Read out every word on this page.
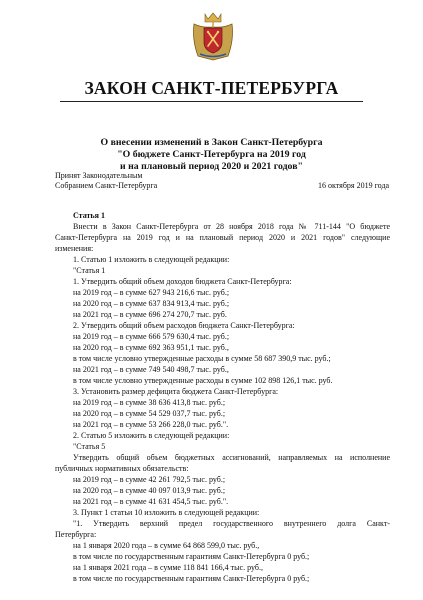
ЗАКОН САНКТ-ПЕТЕРБУРГА
О внесении изменений в Закон Санкт-Петербурга
"О бюджете Санкт-Петербурга на 2019 год
и на плановый период 2020 и 2021 годов"
Принят Законодательным
Собранием Санкт-Петербурга	16 октября 2019 года
Статья 1
Внести в Закон Санкт-Петербурга от 28 ноября 2018 года № 711-144 "О бюджете
Санкт-Петербурга на 2019 год и на плановый период 2020 и 2021 годов" следующие
изменения:
1. Статью 1 изложить в следующей редакции:
"Статья 1
1. Утвердить общий объем доходов бюджета Санкт-Петербурга:
на 2019 год – в сумме 627 943 216,6 тыс. руб.;
на 2020 год – в сумме 637 834 913,4 тыс. руб.;
на 2021 год – в сумме 696 274 270,7 тыс. руб.
2. Утвердить общий объем расходов бюджета Санкт-Петербурга:
на 2019 год – в сумме 666 579 630,4 тыс. руб.;
на 2020 год – в сумме 692 363 951,1 тыс. руб.,
в том числе условно утвержденные расходы в сумме 58 687 390,9 тыс. руб.;
на 2021 год – в сумме 749 540 498,7 тыс. руб.,
в том числе условно утвержденные расходы в сумме 102 898 126,1 тыс. руб.
3. Установить размер дефицита бюджета Санкт-Петербурга:
на 2019 год – в сумме 38 636 413,8 тыс. руб.;
на 2020 год – в сумме 54 529 037,7 тыс. руб.;
на 2021 год – в сумме 53 266 228,0 тыс. руб.".
2. Статью 5 изложить в следующей редакции:
"Статья 5
Утвердить общий объем бюджетных ассигнований, направляемых на исполнение
публичных нормативных обязательств:
на 2019 год – в сумме 42 261 792,5 тыс. руб.;
на 2020 год – в сумме 40 097 013,9 тыс. руб.;
на 2021 год – в сумме 41 631 454,5 тыс. руб.".
3. Пункт 1 статьи 10 изложить в следующей редакции:
"1. Утвердить верхний предел государственного внутреннего долга Санкт-
Петербурга:
на 1 января 2020 года – в сумме 64 868 599,0 тыс. руб.,
в том числе по государственным гарантиям Санкт-Петербурга 0 руб.;
на 1 января 2021 года – в сумме 118 841 166,4 тыс. руб.,
в том числе по государственным гарантиям Санкт-Петербурга 0 руб.;
